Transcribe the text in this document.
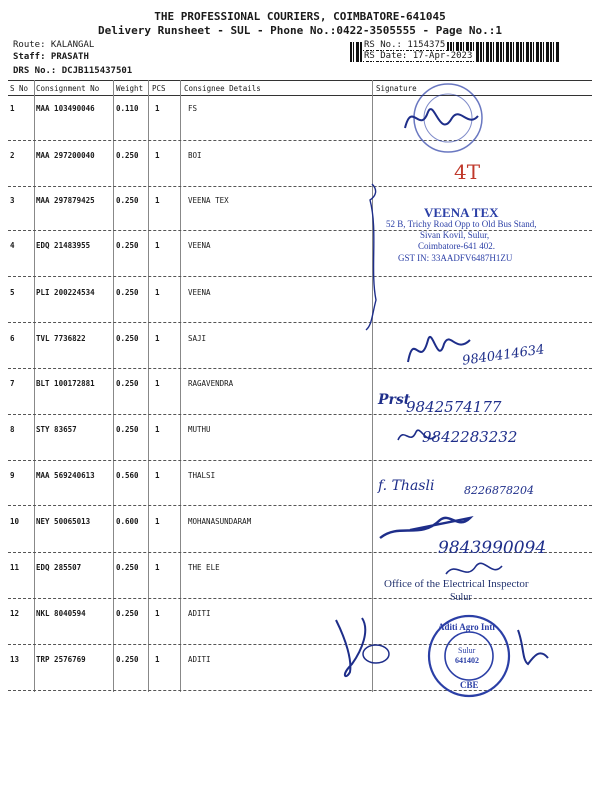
THE PROFESSIONAL COURIERS, COIMBATORE-641045
Delivery Runsheet - SUL - Phone No.:0422-3505555 - Page No.:1
Route: KALANGAL
Staff: PRASATH
DRS No.: DCJB115437501
RS No.: 1154375
RS Date: 17-Apr-2023
S No Consignment No Weight PCS Consignee Details	Signature
1	MAA 103490046	0.110 1	FS
2	MAA 297200040	0.250 1	BOI
3	MAA 297879425	0.250 1	VEENA TEX
4	EDQ 21483955	0.250 1	VEENA
5	PLI 200224534	0.250 1	VEENA
6	TVL 7736822	0.250 1	SAJI
7	BLT 100172881	0.250 1	RAGAVENDRA
8	STY 83657	0.250 1	MUTHU
9	MAA 569240613	0.560 1	THALSI
10 NEY 50065013	0.600 1	MOHANASUNDARAM
11 EDQ 285507	0.250 1	THE ELE
12 NKL 8040594	0.250 1	ADITI
13 TRP 2576769	0.250 1	ADITI
4T
9840414634
Prst
9842574177
9842283232
f. Thasli	8226878204
9843990094
VEENA TEX
52 B, Trichy Road Opp to Old Bus Stand,
Sivan Kovil, Sulur,
Coimbatore-641 402.
GST IN: 33AADFV6487H1ZU
Office of the Electrical Inspector
Sulur
Aditi Agro Intl
Sulur
641402
CBE
